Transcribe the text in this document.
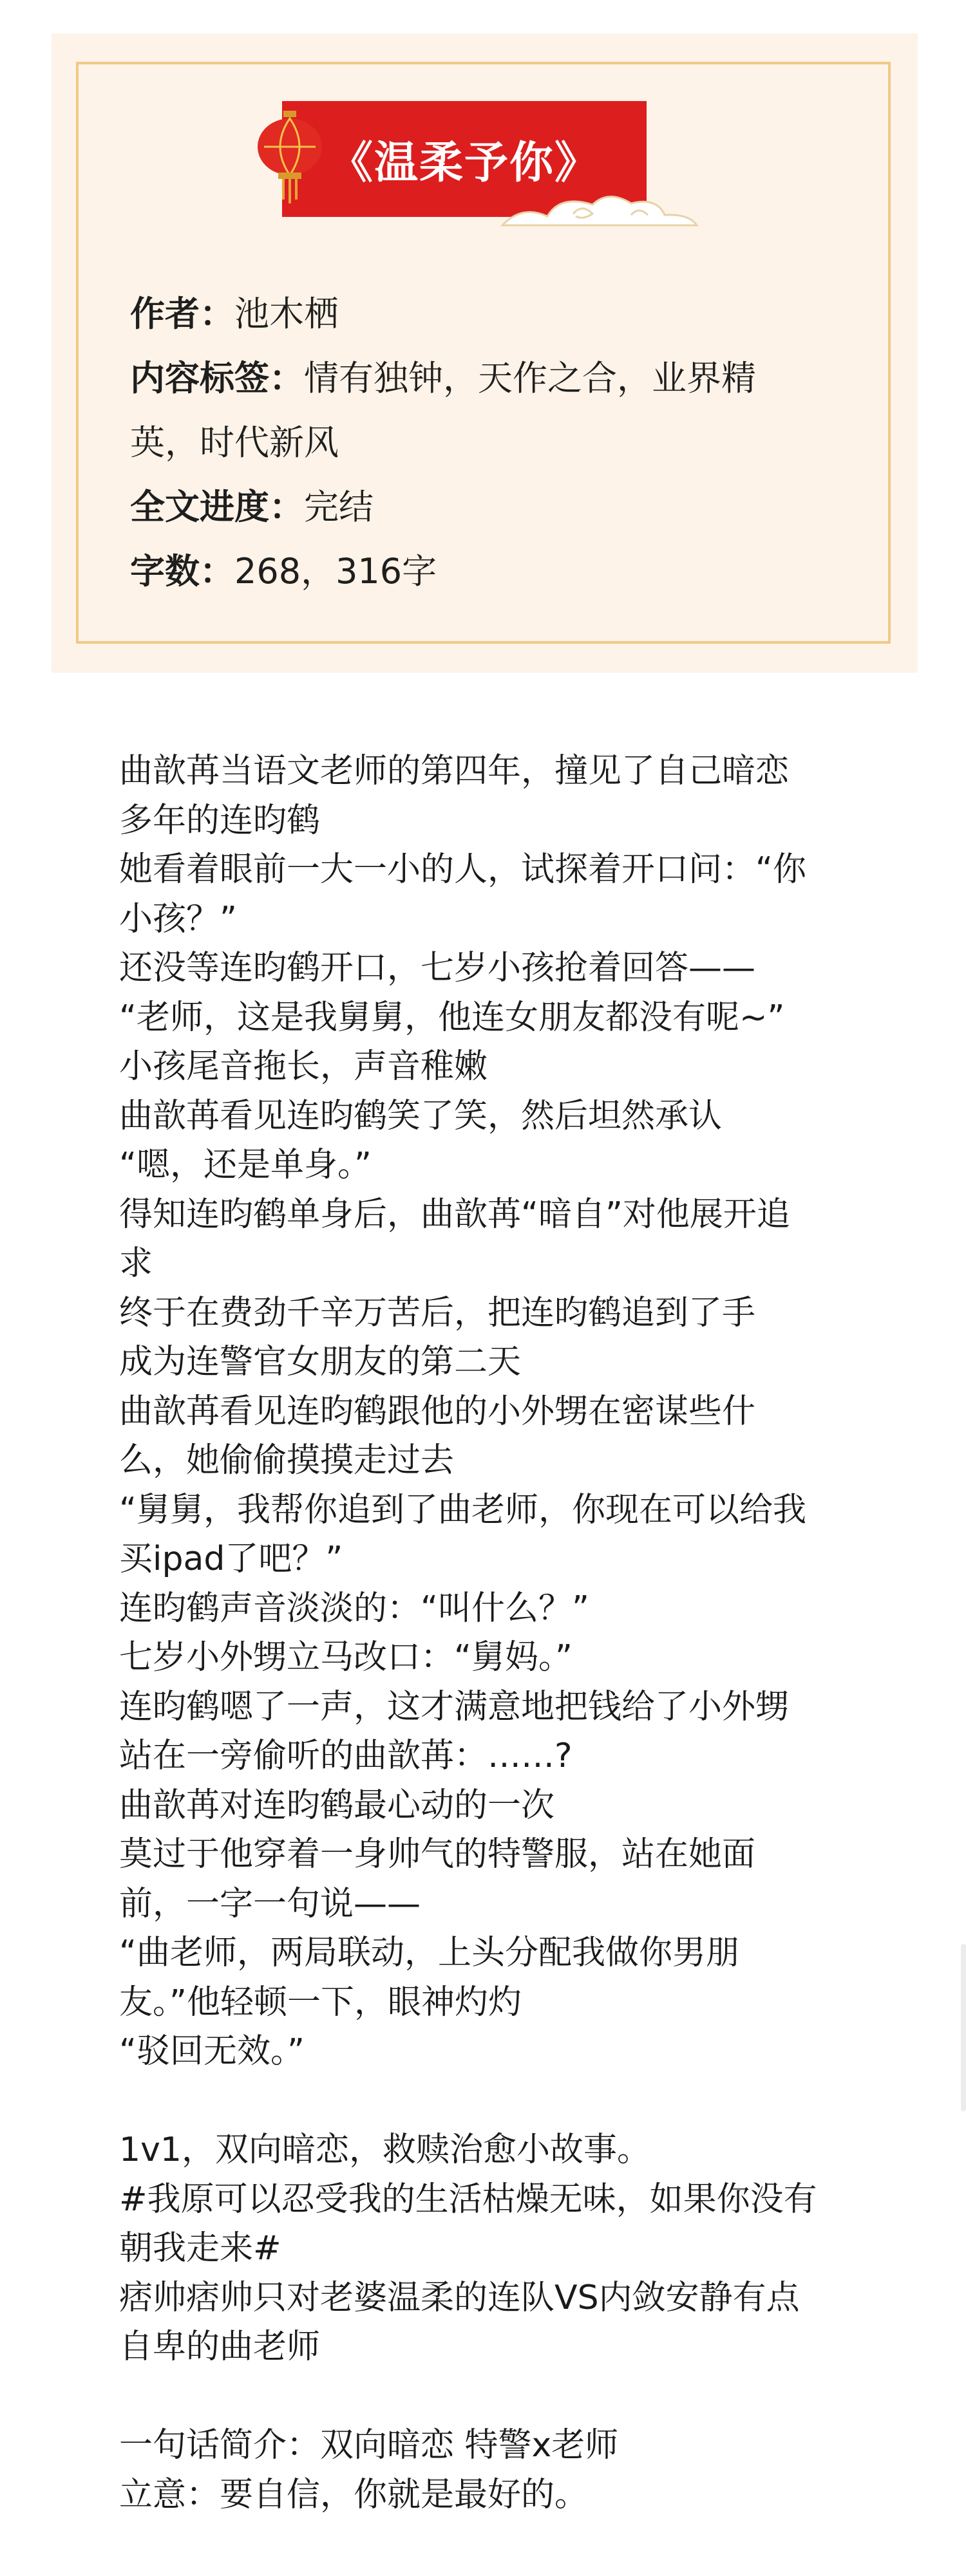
《温柔予你》
作者：池木栖
内容标签：情有独钟，天作之合，业界精
英，时代新风
全文进度：完结
字数：268，316字
曲歆苒当语文老师的第四年，撞见了自己暗恋
多年的连昀鹤
她看着眼前一大一小的人，试探着开口问：“你
小孩？”
还没等连昀鹤开口，七岁小孩抢着回答——
“老师，这是我舅舅，他连女朋友都没有呢~”
小孩尾音拖长，声音稚嫩
曲歆苒看见连昀鹤笑了笑，然后坦然承认
“嗯，还是单身。”
得知连昀鹤单身后，曲歆苒“暗自”对他展开追
求
终于在费劲千辛万苦后，把连昀鹤追到了手
成为连警官女朋友的第二天
曲歆苒看见连昀鹤跟他的小外甥在密谋些什
么，她偷偷摸摸走过去
“舅舅，我帮你追到了曲老师，你现在可以给我
买ipad了吧？”
连昀鹤声音淡淡的：“叫什么？”
七岁小外甥立马改口：“舅妈。”
连昀鹤嗯了一声，这才满意地把钱给了小外甥
站在一旁偷听的曲歆苒：……?
曲歆苒对连昀鹤最心动的一次
莫过于他穿着一身帅气的特警服，站在她面
前，一字一句说——
“曲老师，两局联动，上头分配我做你男朋
友。”他轻顿一下，眼神灼灼
“驳回无效。”
1v1，双向暗恋，救赎治愈小故事。
#我原可以忍受我的生活枯燥无味，如果你没有
朝我走来#
痞帅痞帅只对老婆温柔的连队VS内敛安静有点
自卑的曲老师
一句话简介：双向暗恋 特警x老师
立意：要自信，你就是最好的。
